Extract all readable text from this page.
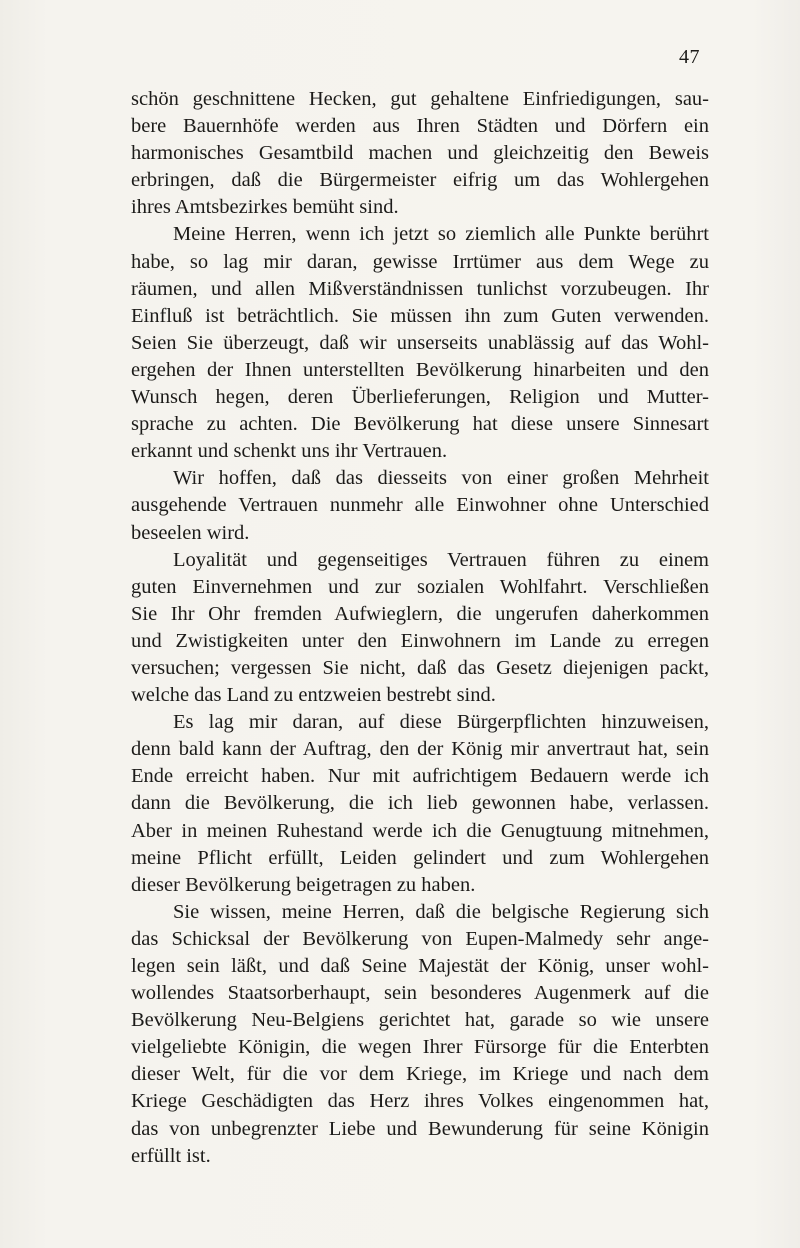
47

schön geschnittene Hecken, gut gehaltene Einfriedigungen, sau-
bere Bauernhöfe werden aus Ihren Städten und Dörfern ein
harmonisches Gesamtbild machen und gleichzeitig den Beweis
erbringen, daß die Bürgermeister eifrig um das Wohlergehen
ihres Amtsbezirkes bemüht sind.

Meine Herren, wenn ich jetzt so ziemlich alle Punkte berührt
habe, so lag mir daran, gewisse Irrtümer aus dem Wege zu
räumen, und allen Mißverständnissen tunlichst vorzubeugen. Ihr
Einfluß ist beträchtlich. Sie müssen ihn zum Guten verwenden.
Seien Sie überzeugt, daß wir unserseits unablässig auf das Wohl-
ergehen der Ihnen unterstellten Bevölkerung hinarbeiten und den
Wunsch hegen, deren Überlieferungen, Religion und Mutter-
sprache zu achten. Die Bevölkerung hat diese unsere Sinnesart
erkannt und schenkt uns ihr Vertrauen.

Wir hoffen, daß das diesseits von einer großen Mehrheit
ausgehende Vertrauen nunmehr alle Einwohner ohne Unterschied
beseelen wird.

Loyalität und gegenseitiges Vertrauen führen zu einem
guten Einvernehmen und zur sozialen Wohlfahrt. Verschließen
Sie Ihr Ohr fremden Aufwieglern, die ungerufen daherkommen
und Zwistigkeiten unter den Einwohnern im Lande zu erregen
versuchen; vergessen Sie nicht, daß das Gesetz diejenigen packt,
welche das Land zu entzweien bestrebt sind.

Es lag mir daran, auf diese Bürgerpflichten hinzuweisen,
denn bald kann der Auftrag, den der König mir anvertraut hat, sein
Ende erreicht haben. Nur mit aufrichtigem Bedauern werde ich
dann die Bevölkerung, die ich lieb gewonnen habe, verlassen.
Aber in meinen Ruhestand werde ich die Genugtuung mitnehmen,
meine Pflicht erfüllt, Leiden gelindert und zum Wohlergehen
dieser Bevölkerung beigetragen zu haben.

Sie wissen, meine Herren, daß die belgische Regierung sich
das Schicksal der Bevölkerung von Eupen-Malmedy sehr ange-
legen sein läßt, und daß Seine Majestät der König, unser wohl-
wollendes Staatsorberhaupt, sein besonderes Augenmerk auf die
Bevölkerung Neu-Belgiens gerichtet hat, garade so wie unsere
vielgeliebte Königin, die wegen Ihrer Fürsorge für die Enterbten
dieser Welt, für die vor dem Kriege, im Kriege und nach dem
Kriege Geschädigten das Herz ihres Volkes eingenommen hat,
das von unbegrenzter Liebe und Bewunderung für seine Königin
erfüllt ist.
